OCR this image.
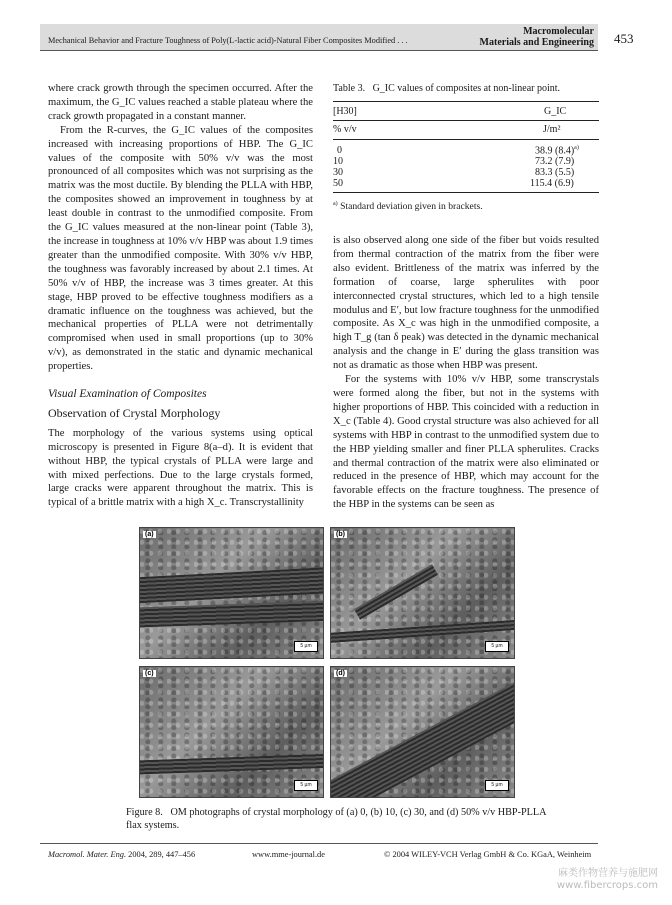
Mechanical Behavior and Fracture Toughness of Poly(L-lactic acid)-Natural Fiber Composites Modified . . .
Macromolecular
Materials and Engineering 453

where crack growth through the specimen occurred. After the maximum, the G_IC values reached a stable plateau where the crack growth propagated in a constant manner.

From the R-curves, the G_IC values of the composites increased with increasing proportions of HBP. The G_IC values of the composite with 50% v/v was the most pronounced of all composites which was not surprising as the matrix was the most ductile. By blending the PLLA with HBP, the composites showed an improvement in toughness by at least double in contrast to the unmodified composite. From the G_IC values measured at the non-linear point (Table 3), the increase in toughness at 10% v/v HBP was about 1.9 times greater than the unmodified composite. With 30% v/v HBP, the toughness was favorably increased by about 2.1 times. At 50% v/v of HBP, the increase was 3 times greater. At this stage, HBP proved to be effective toughness modifiers as a dramatic influence on the toughness was achieved, but the mechanical properties of PLLA were not detrimentally compromised when used in small proportions (up to 30% v/v), as demonstrated in the static and dynamic mechanical properties.

Visual Examination of Composites
Observation of Crystal Morphology

The morphology of the various systems using optical microscopy is presented in Figure 8(a–d). It is evident that without HBP, the typical crystals of PLLA were large and with mixed perfections. Due to the large crystals formed, large cracks were apparent throughout the matrix. This is typical of a brittle matrix with a high X_c. Transcrystallinity

Table 3. G_IC values of composites at non-linear point.
[H30]	G_IC
% v/v	J/m²
0	38.9 $(8.4)^{a)}$
10	73.2 (7.9)
30	83.3 (5.5)
50	115.4 (6.9)
$^{a)}$ Standard deviation given in brackets.

is also observed along one side of the fiber but voids resulted from thermal contraction of the matrix from the fiber were also evident. Brittleness of the matrix was inferred by the formation of coarse, large spherulites with poor interconnected crystal structures, which led to a high tensile modulus and E′, but low fracture toughness for the unmodified composite. As X_c was high in the unmodified composite, a high T_g (tan δ peak) was detected in the dynamic mechanical analysis and the change in E′ during the glass transition was not as dramatic as those when HBP was present.

For the systems with 10% v/v HBP, some transcrystals were formed along the fiber, but not in the systems with higher proportions of HBP. This coincided with a reduction in X_c (Table 4). Good crystal structure was also achieved for all systems with HBP in contrast to the unmodified system due to the HBP yielding smaller and finer PLLA spherulites. Cracks and thermal contraction of the matrix were also eliminated or reduced in the presence of HBP, which may account for the favorable effects on the fracture toughness. The presence of the HBP in the systems can be seen as

(a)
5 µm
(b)
5 µm
(c)
5 µm
(d)
5 µm
Figure 8. OM photographs of crystal morphology of (a) 0, (b) 10, (c) 30, and (d) 50% v/v HBP-PLLA flax systems.
Macromol. Mater. Eng. 2004, 289, 447–456	www.mme-journal.de	© 2004 WILEY-VCH Verlag GmbH & Co. KGaA, Weinheim
麻类作物营养与施肥网
www.fibercrops.com
